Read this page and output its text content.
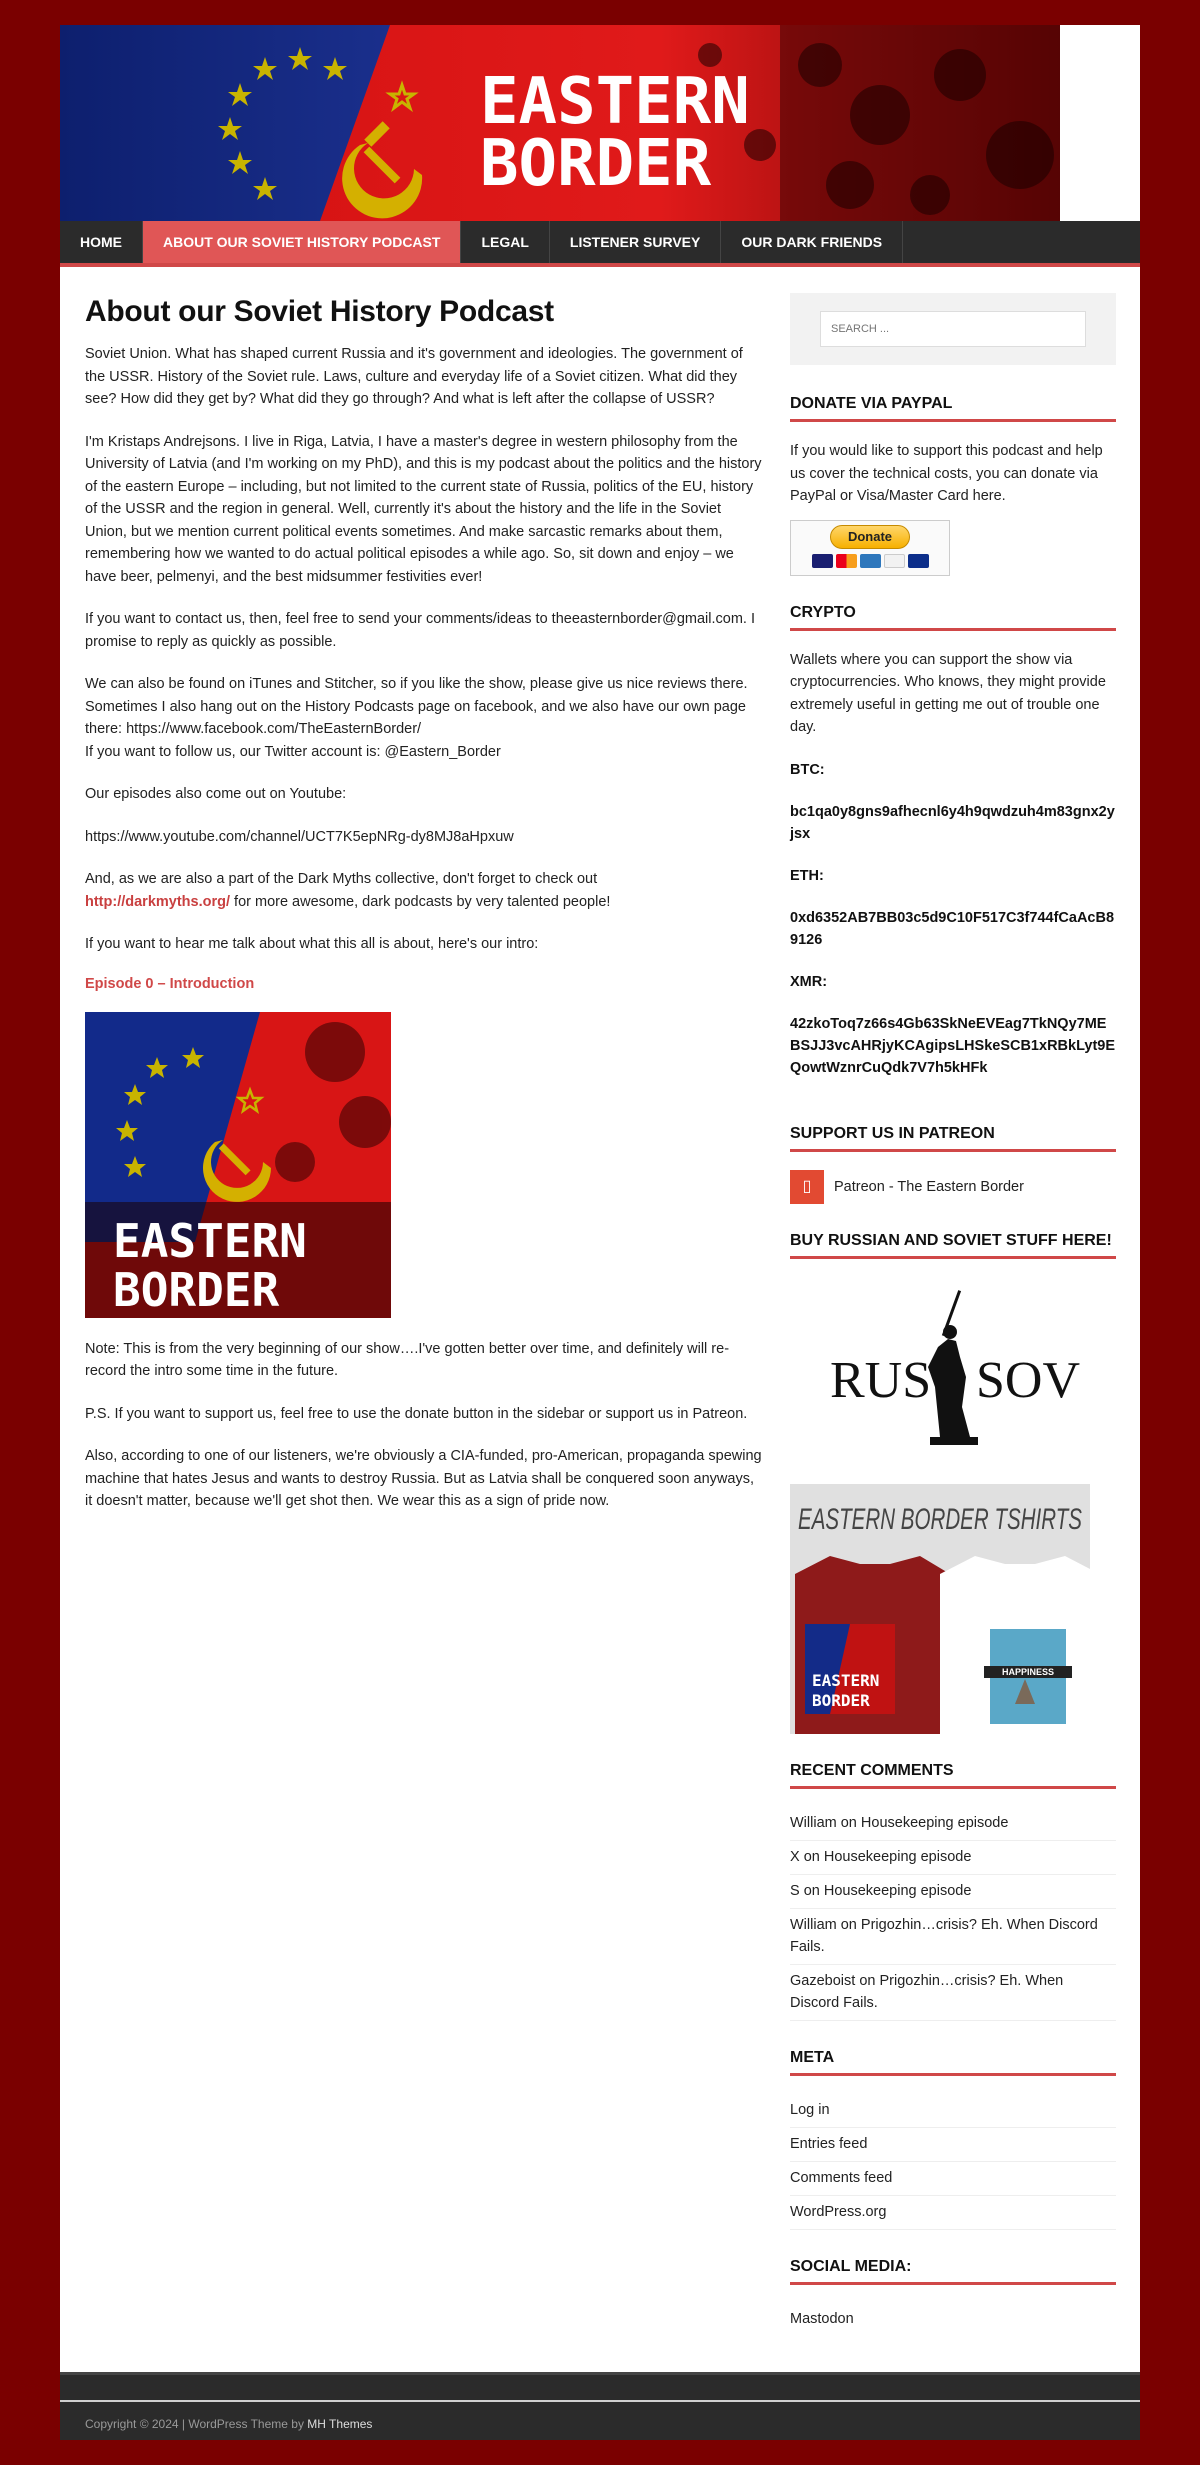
EASTERN
BORDER
HOME	ABOUT OUR SOVIET HISTORY PODCAST	LEGAL	LISTENER SURVEY	OUR DARK FRIENDS
About our Soviet History Podcast

Soviet Union. What has shaped current Russia and it's government and ideologies. The government of the USSR. History of the Soviet rule. Laws, culture and everyday life of a Soviet citizen. What did they see? How did they get by? What did they go through? And what is left after the collapse of USSR?

I'm Kristaps Andrejsons. I live in Riga, Latvia, I have a master's degree in western philosophy from the University of Latvia (and I'm working on my PhD), and this is my podcast about the politics and the history of the eastern Europe – including, but not limited to the current state of Russia, politics of the EU, history of the USSR and the region in general. Well, currently it's about the history and the life in the Soviet Union, but we mention current political events sometimes. And make sarcastic remarks about them, remembering how we wanted to do actual political episodes a while ago. So, sit down and enjoy – we have beer, pelmenyi, and the best midsummer festivities ever!

If you want to contact us, then, feel free to send your comments/ideas to theeasternborder@gmail.com. I promise to reply as quickly as possible.

We can also be found on iTunes and Stitcher, so if you like the show, please give us nice reviews there. Sometimes I also hang out on the History Podcasts page on facebook, and we also have our own page there: https://www.facebook.com/TheEasternBorder/
If you want to follow us, our Twitter account is: @Eastern_Border

Our episodes also come out on Youtube:

https://www.youtube.com/channel/UCT7K5epNRg-dy8MJ8aHpxuw

And, as we are also a part of the Dark Myths collective, don't forget to check out
http://darkmyths.org/ for more awesome, dark podcasts by very talented people!

If you want to hear me talk about what this all is about, here's our intro:

Episode 0 – Introduction
EASTERN
BORDER

Note: This is from the very beginning of our show….I've gotten better over time, and definitely will re-record the intro some time in the future.

P.S. If you want to support us, feel free to use the donate button in the sidebar or support us in Patreon.

Also, according to one of our listeners, we're obviously a CIA-funded, pro-American, propaganda spewing machine that hates Jesus and wants to destroy Russia. But as Latvia shall be conquered soon anyways, it doesn't matter, because we'll get shot then. We wear this as a sign of pride now.

SEARCH ...
DONATE VIA PAYPAL
If you would like to support this podcast and help us cover the technical costs, you can donate via PayPal or Visa/Master Card here.
Donate
CRYPTO
Wallets where you can support the show via cryptocurrencies. Who knows, they might provide extremely useful in getting me out of trouble one day.
BTC:
bc1qa0y8gns9afhecnl6y4h9qwdzuh4m83gnx2yjsx
ETH:
0xd6352AB7BB03c5d9C10F517C3f744fCaAcB89126
XMR:
42zkoToq7z66s4Gb63SkNeEVEag7TkNQy7MEBSJJ3vcAHRjyKCAgipsLHSkeSCB1xRBkLyt9EQowtWznrCuQdk7V7h5kHFk
SUPPORT US IN PATREON
▯	Patreon - The Eastern Border
BUY RUSSIAN AND SOVIET STUFF HERE!
RUS SOV
EASTERN BORDER TSHIRTS
EASTERN
BORDER
HAPPINESS
RECENT COMMENTS
William on Housekeeping episode
X on Housekeeping episode
S on Housekeeping episode
William on Prigozhin…crisis? Eh. When Discord Fails.
Gazeboist on Prigozhin…crisis? Eh. When Discord Fails.
META
Log in
Entries feed
Comments feed
WordPress.org
SOCIAL MEDIA:
Mastodon
Copyright © 2024 | WordPress Theme by MH Themes
